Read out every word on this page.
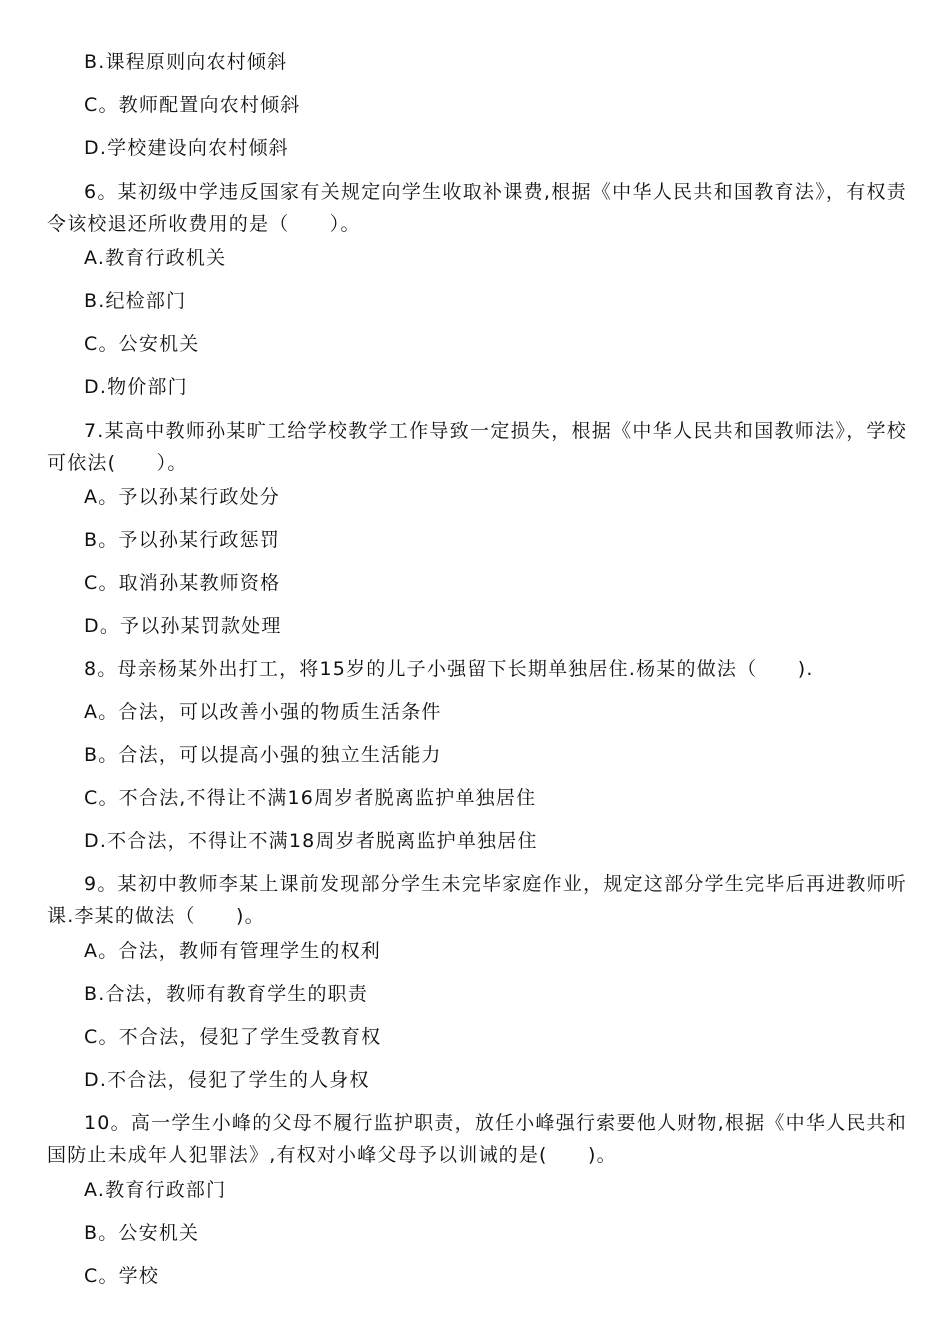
B.课程原则向农村倾斜
C。教师配置向农村倾斜
D.学校建设向农村倾斜
6。某初级中学违反国家有关规定向学生收取补课费,根据《中华人民共和国教育法》，有权责令该校退还所收费用的是（　　）。
A.教育行政机关
B.纪检部门
C。公安机关
D.物价部门
7.某高中教师孙某旷工给学校教学工作导致一定损失，根据《中华人民共和国教师法》，学校可依法(　　）。
A。予以孙某行政处分
B。予以孙某行政惩罚
C。取消孙某教师资格
D。予以孙某罚款处理
8。母亲杨某外出打工，将15岁的儿子小强留下长期单独居住.杨某的做法（　　).
A。合法，可以改善小强的物质生活条件
B。合法，可以提高小强的独立生活能力
C。不合法,不得让不满16周岁者脱离监护单独居住
D.不合法，不得让不满18周岁者脱离监护单独居住
9。某初中教师李某上课前发现部分学生未完毕家庭作业，规定这部分学生完毕后再进教师听课.李某的做法（　　)。
A。合法，教师有管理学生的权利
B.合法，教师有教育学生的职责
C。不合法，侵犯了学生受教育权
D.不合法，侵犯了学生的人身权
10。高一学生小峰的父母不履行监护职责，放任小峰强行索要他人财物,根据《中华人民共和国防止未成年人犯罪法》,有权对小峰父母予以训诫的是(　　)。
A.教育行政部门
B。公安机关
C。学校
